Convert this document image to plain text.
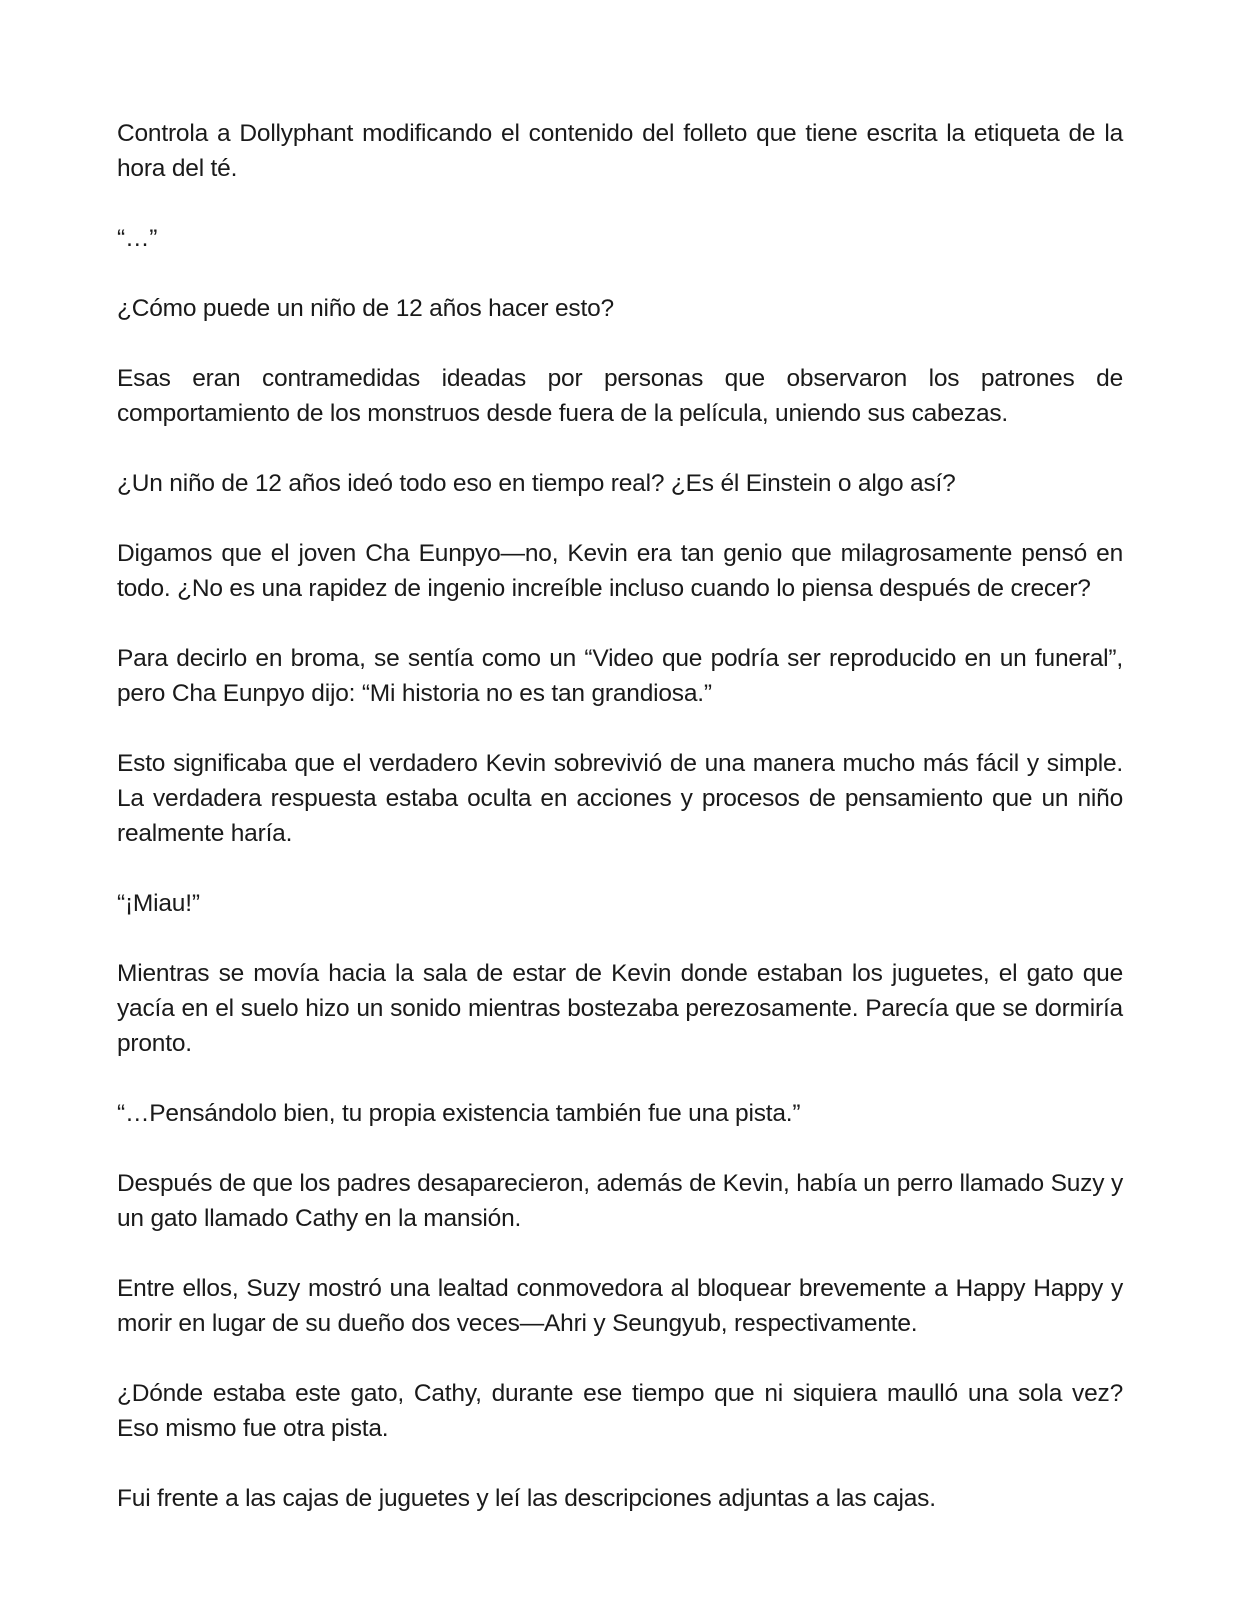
Controla a Dollyphant modificando el contenido del folleto que tiene escrita la etiqueta de la hora del té.

“…”

¿Cómo puede un niño de 12 años hacer esto?

Esas eran contramedidas ideadas por personas que observaron los patrones de comportamiento de los monstruos desde fuera de la película, uniendo sus cabezas.

¿Un niño de 12 años ideó todo eso en tiempo real? ¿Es él Einstein o algo así?

Digamos que el joven Cha Eunpyo—no, Kevin era tan genio que milagrosamente pensó en todo. ¿No es una rapidez de ingenio increíble incluso cuando lo piensa después de crecer?

Para decirlo en broma, se sentía como un “Video que podría ser reproducido en un funeral”, pero Cha Eunpyo dijo: “Mi historia no es tan grandiosa.”

Esto significaba que el verdadero Kevin sobrevivió de una manera mucho más fácil y simple. La verdadera respuesta estaba oculta en acciones y procesos de pensamiento que un niño realmente haría.

“¡Miau!”

Mientras se movía hacia la sala de estar de Kevin donde estaban los juguetes, el gato que yacía en el suelo hizo un sonido mientras bostezaba perezosamente. Parecía que se dormiría pronto.

“…Pensándolo bien, tu propia existencia también fue una pista.”

Después de que los padres desaparecieron, además de Kevin, había un perro llamado Suzy y un gato llamado Cathy en la mansión.

Entre ellos, Suzy mostró una lealtad conmovedora al bloquear brevemente a Happy Happy y morir en lugar de su dueño dos veces—Ahri y Seungyub, respectivamente.

¿Dónde estaba este gato, Cathy, durante ese tiempo que ni siquiera maulló una sola vez? Eso mismo fue otra pista.

Fui frente a las cajas de juguetes y leí las descripciones adjuntas a las cajas.
